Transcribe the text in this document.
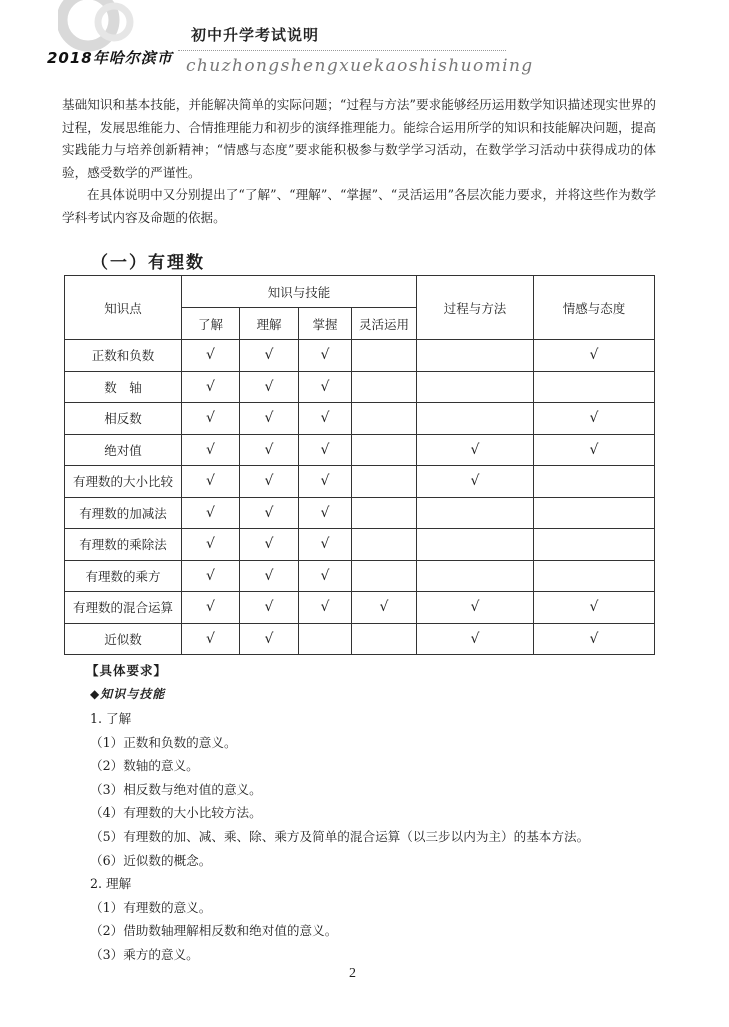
初中升学考试说明
2018年哈尔滨市 chuzhongshengxuekaoshishuoming

基础知识和基本技能，并能解决简单的实际问题；“过程与方法”要求能够经历运用数学知识描述现实世界的过程，发展思维能力、合情推理能力和初步的演绎推理能力。能综合运用所学的知识和技能解决问题，提高实践能力与培养创新精神；“情感与态度”要求能积极参与数学学习活动，在数学学习活动中获得成功的体验，感受数学的严谨性。

在具体说明中又分别提出了“了解”、“理解”、“掌握”、“灵活运用”各层次能力要求，并将这些作为数学学科考试内容及命题的依据。

（一）有理数
知识点	知识与技能				过程与方法	情感与态度
	了解	理解	掌握	灵活运用		
正数和负数	√	√	√			√
数　轴	√	√	√			
相反数	√	√	√			√
绝对值	√	√	√		√	√
有理数的大小比较	√	√	√		√	
有理数的加减法	√	√	√			
有理数的乘除法	√	√	√			
有理数的乘方	√	√	√			
有理数的混合运算	√	√	√	√	√	√
近似数	√	√			√	√
【具体要求】
◆知识与技能
1. 了解
（1）正数和负数的意义。
（2）数轴的意义。
（3）相反数与绝对值的意义。
（4）有理数的大小比较方法。
（5）有理数的加、减、乘、除、乘方及简单的混合运算（以三步以内为主）的基本方法。
（6）近似数的概念。
2. 理解
（1）有理数的意义。
（2）借助数轴理解相反数和绝对值的意义。
（3）乘方的意义。
2
